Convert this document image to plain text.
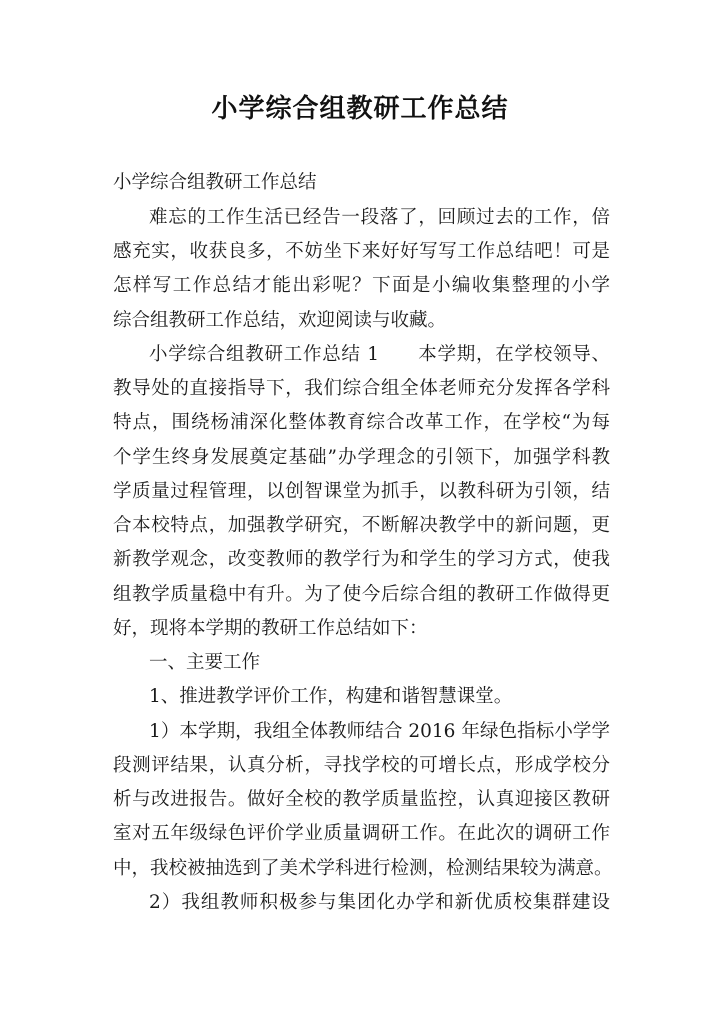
小学综合组教研工作总结
小学综合组教研工作总结
难忘的工作生活已经告一段落了，回顾过去的工作，倍
感充实，收获良多，不妨坐下来好好写写工作总结吧！可是
怎样写工作总结才能出彩呢？下面是小编收集整理的小学
综合组教研工作总结，欢迎阅读与收藏。
小学综合组教研工作总结 1　　本学期，在学校领导、
教导处的直接指导下，我们综合组全体老师充分发挥各学科
特点，围绕杨浦深化整体教育综合改革工作，在学校“为每
个学生终身发展奠定基础”办学理念的引领下，加强学科教
学质量过程管理，以创智课堂为抓手，以教科研为引领，结
合本校特点，加强教学研究，不断解决教学中的新问题，更
新教学观念，改变教师的教学行为和学生的学习方式，使我
组教学质量稳中有升。为了使今后综合组的教研工作做得更
好，现将本学期的教研工作总结如下：
一、主要工作
1、推进教学评价工作，构建和谐智慧课堂。
1）本学期，我组全体教师结合 2016 年绿色指标小学学
段测评结果，认真分析，寻找学校的可增长点，形成学校分
析与改进报告。做好全校的教学质量监控，认真迎接区教研
室对五年级绿色评价学业质量调研工作。在此次的调研工作
中，我校被抽选到了美术学科进行检测，检测结果较为满意。
2）我组教师积极参与集团化办学和新优质校集群建设
